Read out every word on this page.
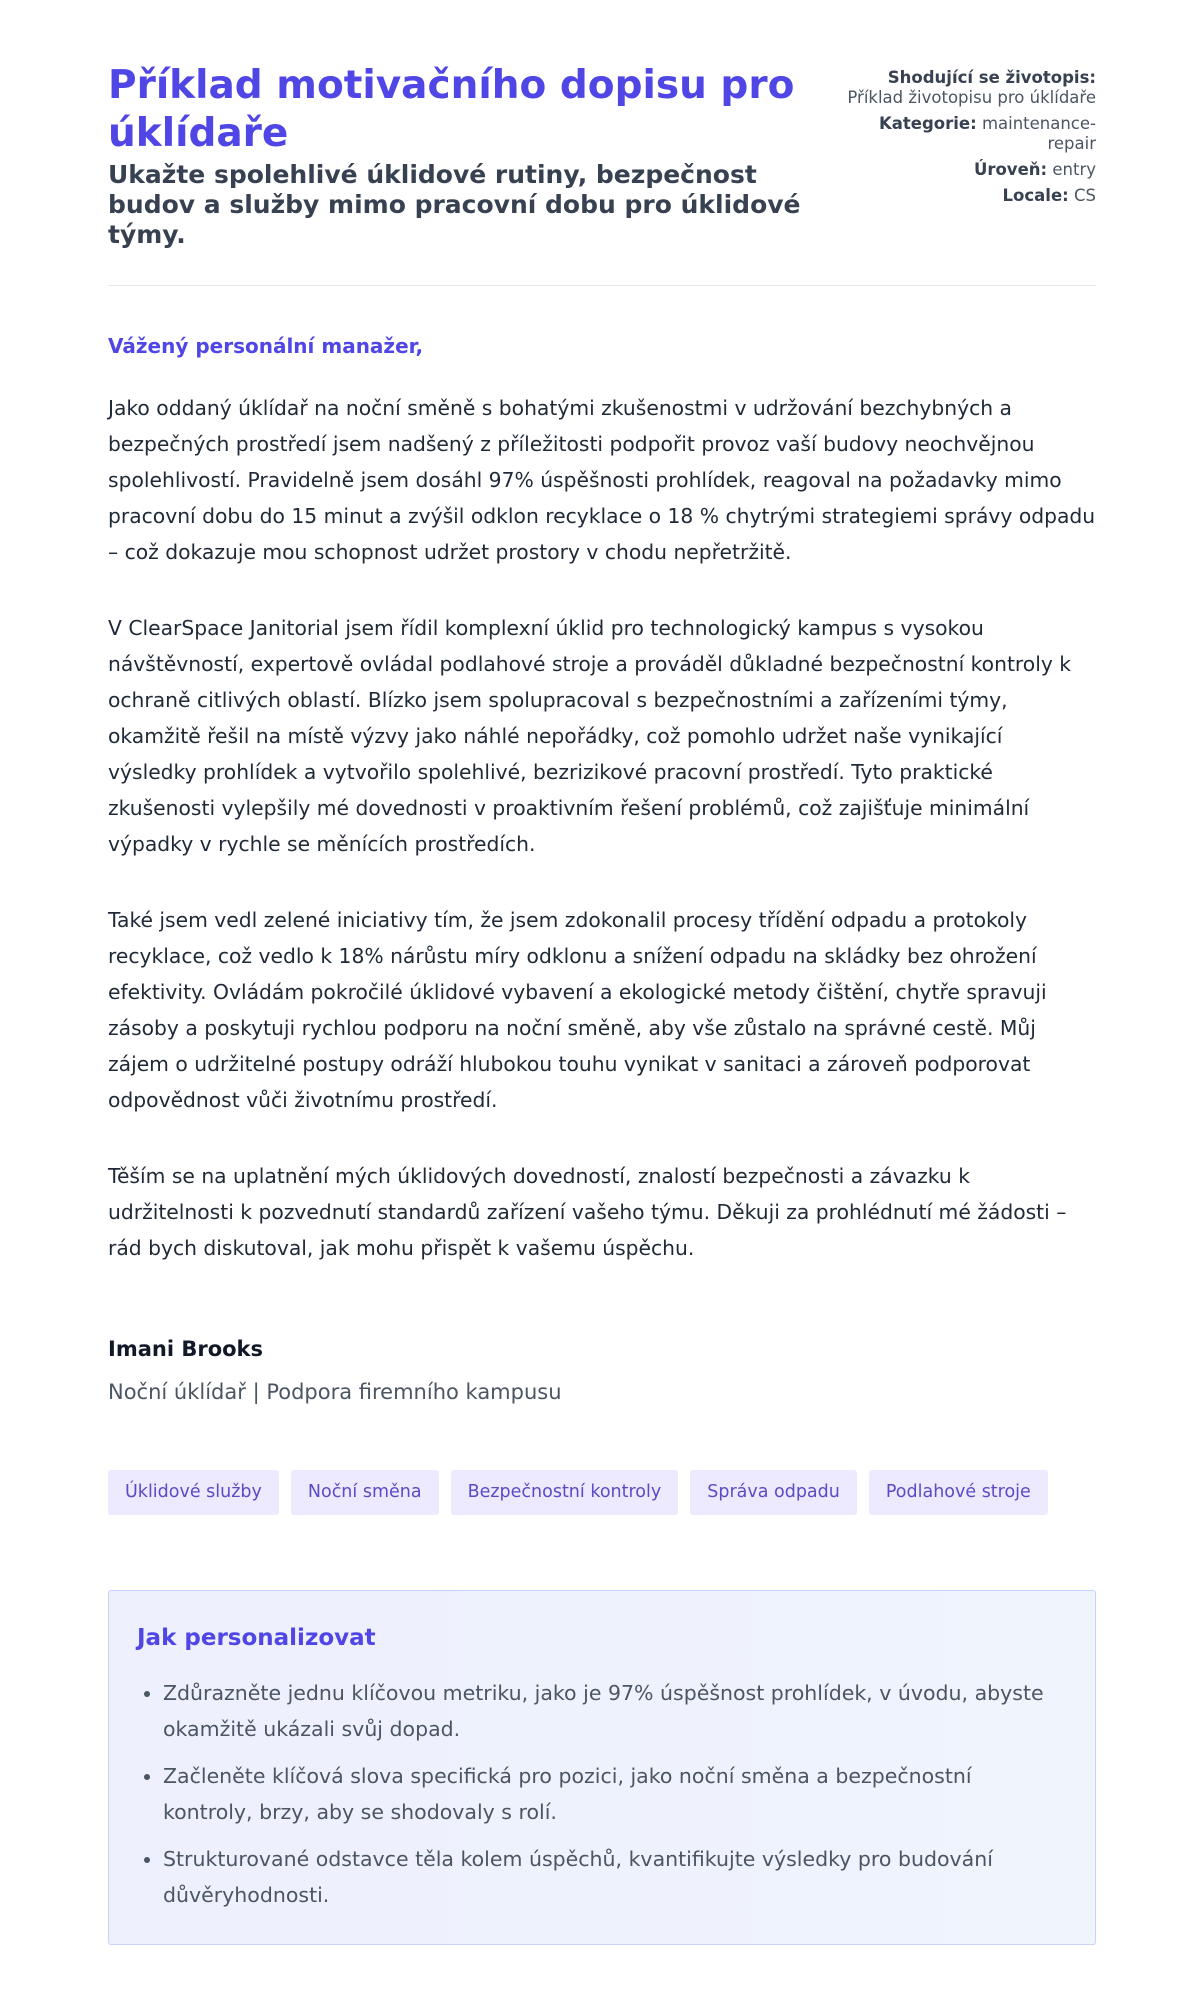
Příklad motivačního dopisu pro úklídaře
Ukažte spolehlivé úklidové rutiny, bezpečnost budov a služby mimo pracovní dobu pro úklidové týmy.
Shodující se životopis:
Příklad životopisu pro úklídaře
Kategorie: maintenance-repair
Úroveň: entry
Locale: CS

Vážený personální manažer,

Jako oddaný úklídař na noční směně s bohatými zkušenostmi v udržování bezchybných a bezpečných prostředí jsem nadšený z příležitosti podpořit provoz vaší budovy neochvějnou spolehlivostí. Pravidelně jsem dosáhl 97% úspěšnosti prohlídek, reagoval na požadavky mimo pracovní dobu do 15 minut a zvýšil odklon recyklace o 18 % chytrými strategiemi správy odpadu – což dokazuje mou schopnost udržet prostory v chodu nepřetržitě.

V ClearSpace Janitorial jsem řídil komplexní úklid pro technologický kampus s vysokou návštěvností, expertově ovládal podlahové stroje a prováděl důkladné bezpečnostní kontroly k ochraně citlivých oblastí. Blízko jsem spolupracoval s bezpečnostními a zařízeními týmy, okamžitě řešil na místě výzvy jako náhlé nepořádky, což pomohlo udržet naše vynikající výsledky prohlídek a vytvořilo spolehlivé, bezrizikové pracovní prostředí. Tyto praktické zkušenosti vylepšily mé dovednosti v proaktivním řešení problémů, což zajišťuje minimální výpadky v rychle se měnících prostředích.

Také jsem vedl zelené iniciativy tím, že jsem zdokonalil procesy třídění odpadu a protokoly recyklace, což vedlo k 18% nárůstu míry odklonu a snížení odpadu na skládky bez ohrožení efektivity. Ovládám pokročilé úklidové vybavení a ekologické metody čištění, chytře spravuji zásoby a poskytuji rychlou podporu na noční směně, aby vše zůstalo na správné cestě. Můj zájem o udržitelné postupy odráží hlubokou touhu vynikat v sanitaci a zároveň podporovat odpovědnost vůči životnímu prostředí.

Těším se na uplatnění mých úklidových dovedností, znalostí bezpečnosti a závazku k udržitelnosti k pozvednutí standardů zařízení vašeho týmu. Děkuji za prohlédnutí mé žádosti – rád bych diskutoval, jak mohu přispět k vašemu úspěchu.

Imani Brooks
Noční úklídař | Podpora firemního kampusu
Úklidové služby	Noční směna	Bezpečnostní kontroly	Správa odpadu	Podlahové stroje
Jak personalizovat
• Zdůrazněte jednu klíčovou metriku, jako je 97% úspěšnost prohlídek, v úvodu, abyste okamžitě ukázali svůj dopad.
• Začleněte klíčová slova specifická pro pozici, jako noční směna a bezpečnostní kontroly, brzy, aby se shodovaly s rolí.
• Strukturované odstavce těla kolem úspěchů, kvantifikujte výsledky pro budování důvěryhodnosti.
